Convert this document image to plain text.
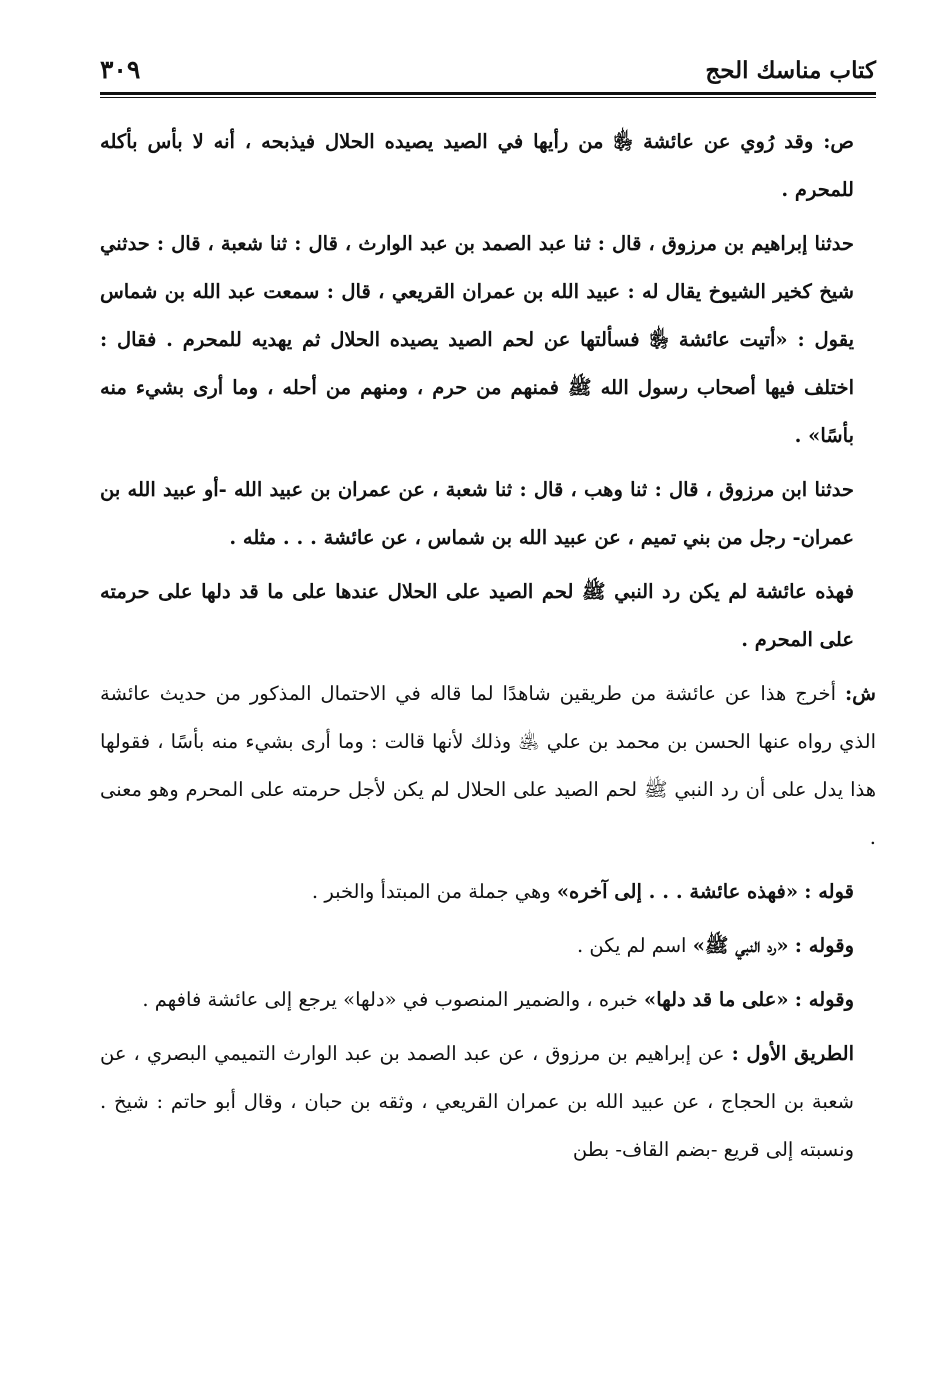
كتاب مناسك الحج
٣٠٩

ص: وقد رُوي عن عائشة ﵂ من رأيها في الصيد يصيده الحلال فيذبحه ، أنه لا بأس بأكله للمحرم .

حدثنا إبراهيم بن مرزوق ، قال : ثنا عبد الصمد بن عبد الوارث ، قال : ثنا شعبة ، قال : حدثني شيخ كخير الشيوخ يقال له : عبيد الله بن عمران القريعي ، قال : سمعت عبد الله بن شماس يقول : «أتيت عائشة ﵂ فسألتها عن لحم الصيد يصيده الحلال ثم يهديه للمحرم . فقال : اختلف فيها أصحاب رسول الله ﷺ فمنهم من حرم ، ومنهم من أحله ، وما أرى بشيء منه بأسًا» .

حدثنا ابن مرزوق ، قال : ثنا وهب ، قال : ثنا شعبة ، عن عمران بن عبيد الله -أو عبيد الله بن عمران- رجل من بني تميم ، عن عبيد الله بن شماس ، عن عائشة . . . مثله .

فهذه عائشة لم يكن رد النبي ﷺ لحم الصيد على الحلال عندها على ما قد دلها على حرمته على المحرم .

ش: أخرج هذا عن عائشة من طريقين شاهدًا لما قاله في الاحتمال المذكور من حديث عائشة الذي رواه عنها الحسن بن محمد بن علي ﵁ وذلك لأنها قالت : وما أرى بشيء منه بأسًا ، فقولها هذا يدل على أن رد النبي ﷺ لحم الصيد على الحلال لم يكن لأجل حرمته على المحرم وهو معنى .

قوله : «فهذه عائشة . . . إلى آخره» وهي جملة من المبتدأ والخبر .

وقوله : «رد النبي ﷺ» اسم لم يكن .

وقوله : «على ما قد دلها» خبره ، والضمير المنصوب في «دلها» يرجع إلى عائشة فافهم .

الطريق الأول : عن إبراهيم بن مرزوق ، عن عبد الصمد بن عبد الوارث التميمي البصري ، عن شعبة بن الحجاج ، عن عبيد الله بن عمران القريعي ، وثقه بن حبان ، وقال أبو حاتم : شيخ . ونسبته إلى قريع -بضم القاف- بطن
